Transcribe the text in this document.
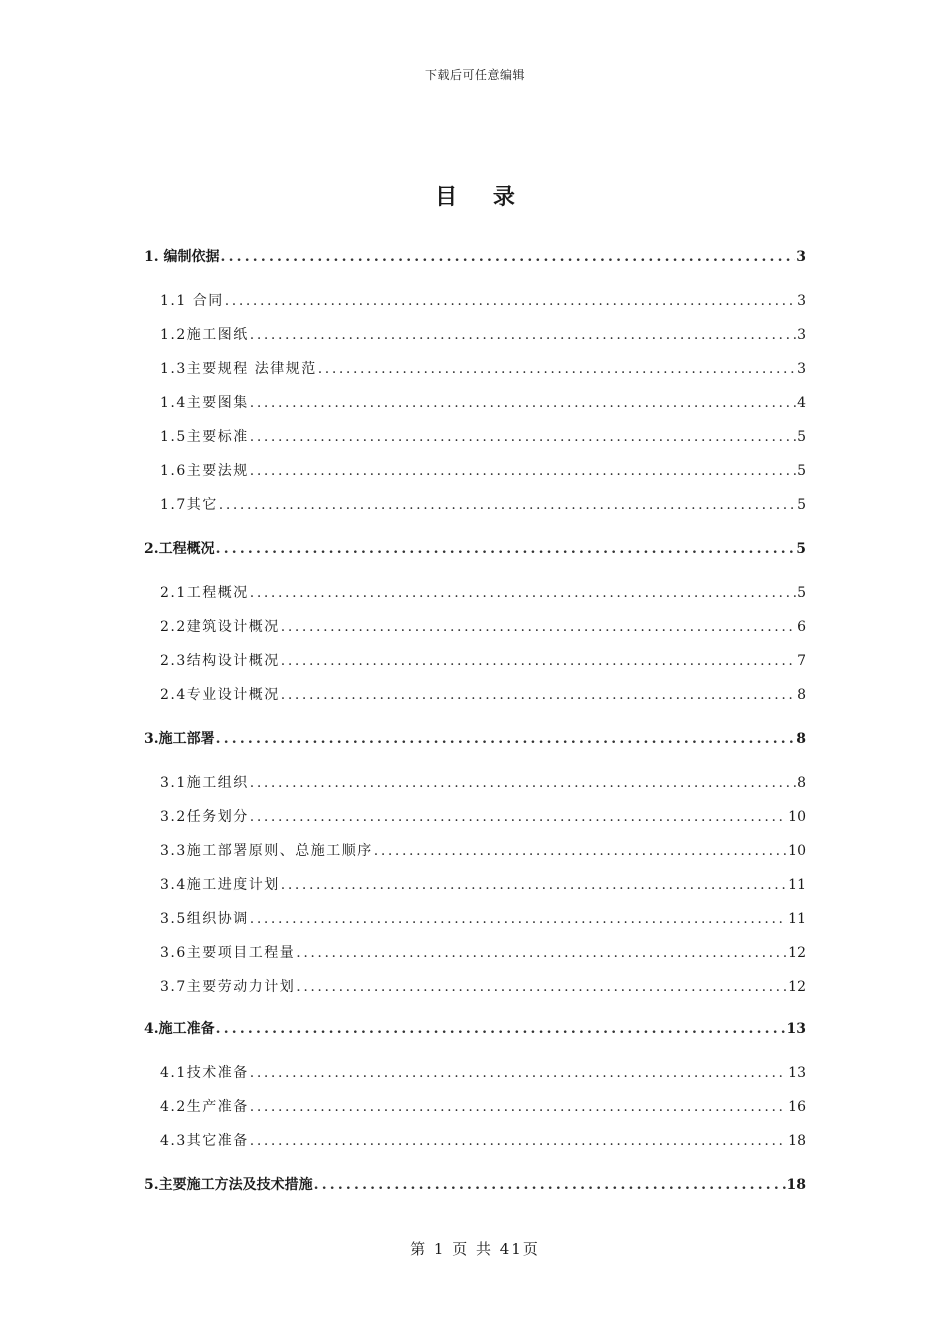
下载后可任意编辑
目 录
1. 编制依据 .....	3
1.1 合同 .....	3
1.2施工图纸 .....	3
1.3主要规程 法律规范 .....	3
1.4主要图集 .....	4
1.5主要标准 .....	5
1.6主要法规 .....	5
1.7其它 .....	5
2.工程概况 .....	5
2.1工程概况 .....	5
2.2建筑设计概况 .....	6
2.3结构设计概况 .....	7
2.4专业设计概况 .....	8
3.施工部署 .....	8
3.1施工组织 .....	8
3.2任务划分 .....	10
3.3施工部署原则、总施工顺序 .....	10
3.4施工进度计划 .....	11
3.5组织协调 .....	11
3.6主要项目工程量 .....	12
3.7主要劳动力计划 .....	12
4.施工准备 .....	13
4.1技术准备 .....	13
4.2生产准备 .....	16
4.3其它准备 .....	18
5.主要施工方法及技术措施 .....	18
第 1 页 共 41页
